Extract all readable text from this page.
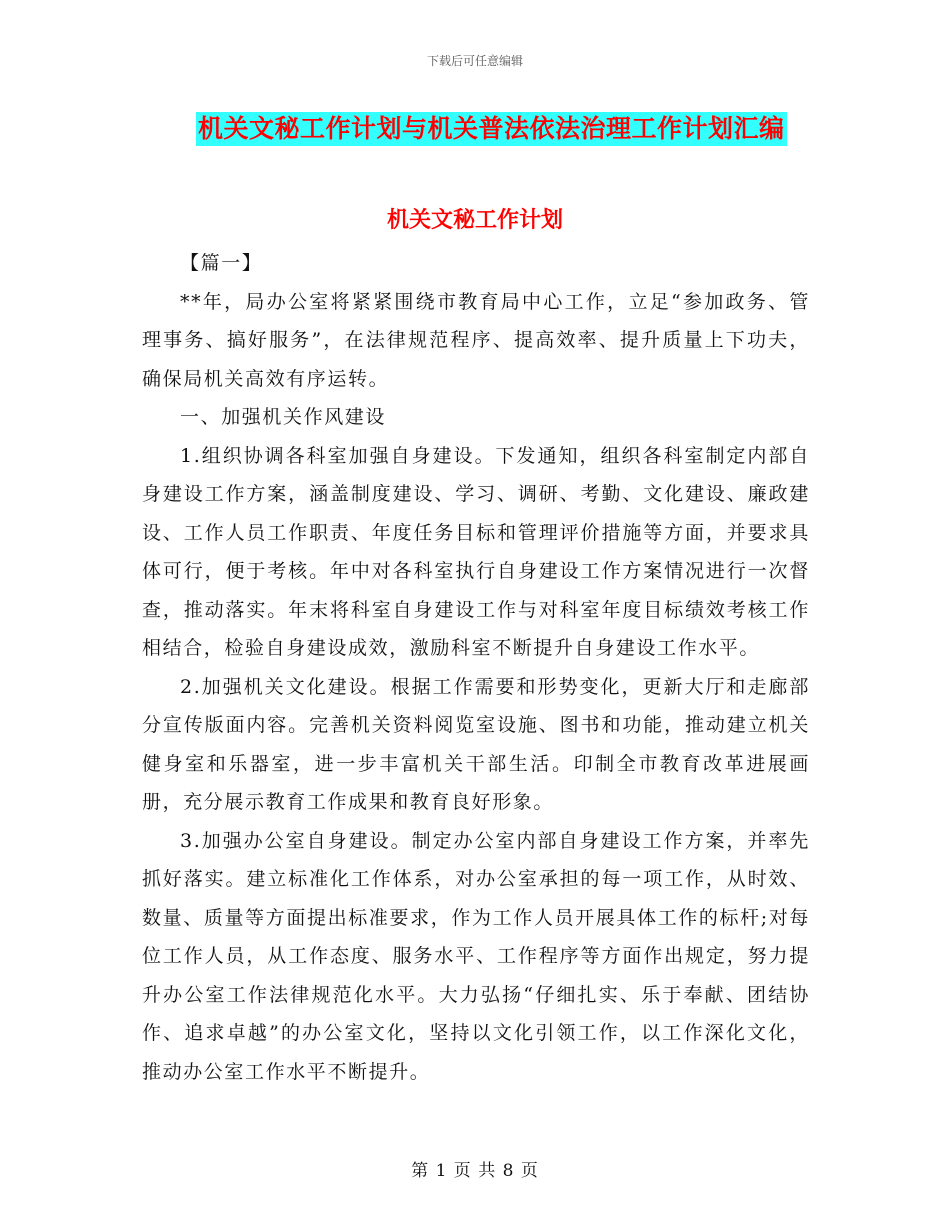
下载后可任意编辑
机关文秘工作计划与机关普法依法治理工作计划汇编
机关文秘工作计划

【篇一】

**年，局办公室将紧紧围绕市教育局中心工作，立足“参加政务、管理事务、搞好服务”，在法律规范程序、提高效率、提升质量上下功夫，确保局机关高效有序运转。

一、加强机关作风建设

1.组织协调各科室加强自身建设。下发通知，组织各科室制定内部自身建设工作方案，涵盖制度建设、学习、调研、考勤、文化建设、廉政建设、工作人员工作职责、年度任务目标和管理评价措施等方面，并要求具体可行，便于考核。年中对各科室执行自身建设工作方案情况进行一次督查，推动落实。年末将科室自身建设工作与对科室年度目标绩效考核工作相结合，检验自身建设成效，激励科室不断提升自身建设工作水平。

2.加强机关文化建设。根据工作需要和形势变化，更新大厅和走廊部分宣传版面内容。完善机关资料阅览室设施、图书和功能，推动建立机关健身室和乐器室，进一步丰富机关干部生活。印制全市教育改革进展画册，充分展示教育工作成果和教育良好形象。

3.加强办公室自身建设。制定办公室内部自身建设工作方案，并率先抓好落实。建立标准化工作体系，对办公室承担的每一项工作，从时效、数量、质量等方面提出标准要求，作为工作人员开展具体工作的标杆;对每位工作人员，从工作态度、服务水平、工作程序等方面作出规定，努力提升办公室工作法律规范化水平。大力弘扬“仔细扎实、乐于奉献、团结协作、追求卓越”的办公室文化，坚持以文化引领工作，以工作深化文化，推动办公室工作水平不断提升。

第 1 页 共 8 页
